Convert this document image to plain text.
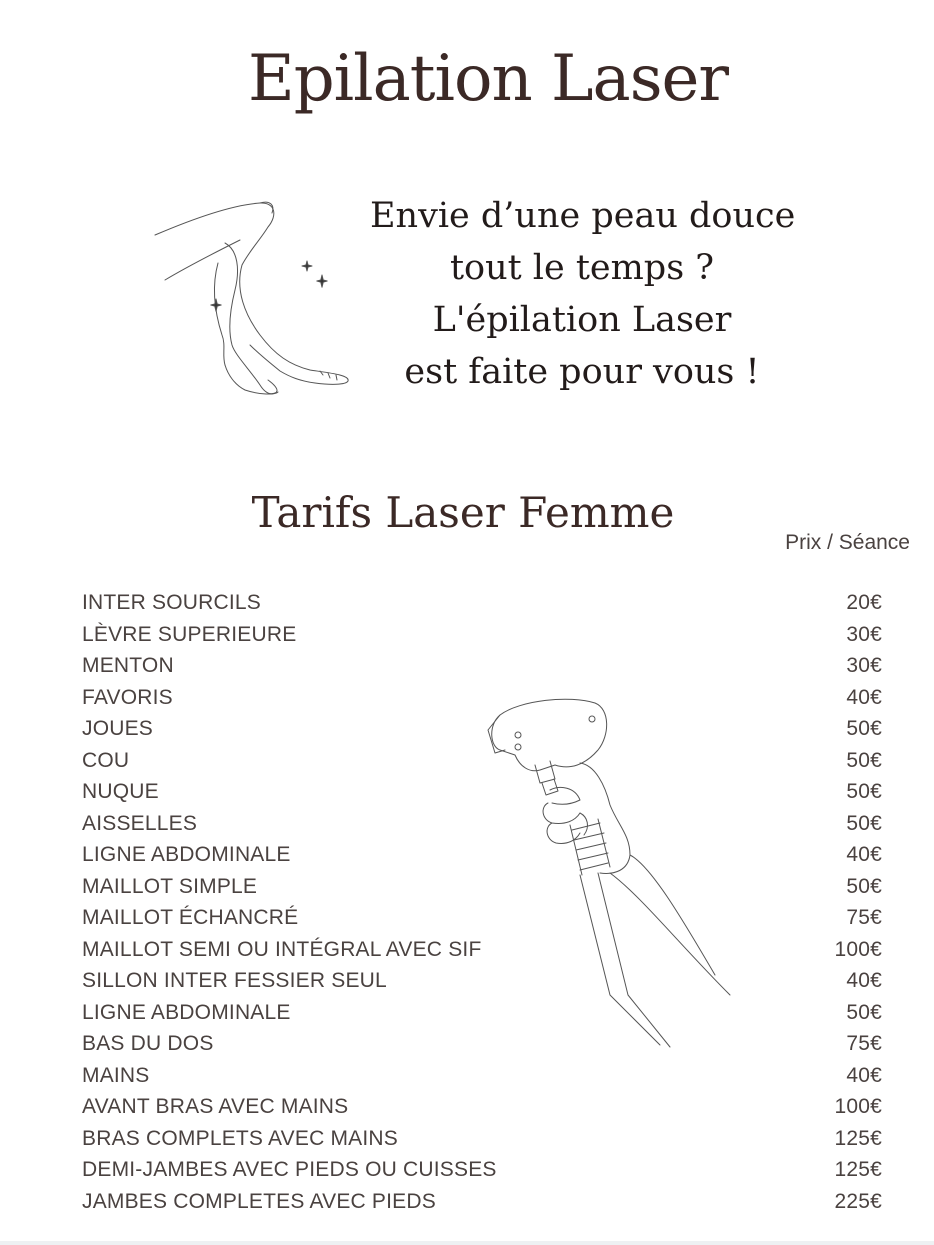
Epilation Laser
Envie d’une peau douce
tout le temps ?
L'épilation Laser
est faite pour vous !
Tarifs Laser Femme
Prix / Séance
INTER SOURCILS	20€
LÈVRE SUPERIEURE	30€
MENTON	30€
FAVORIS	40€
JOUES	50€
COU	50€
NUQUE	50€
AISSELLES	50€
LIGNE ABDOMINALE	40€
MAILLOT SIMPLE	50€
MAILLOT ÉCHANCRÉ	75€
MAILLOT SEMI OU INTÉGRAL AVEC SIF	100€
SILLON INTER FESSIER SEUL	40€
LIGNE ABDOMINALE	50€
BAS DU DOS	75€
MAINS	40€
AVANT BRAS AVEC MAINS	100€
BRAS COMPLETS AVEC MAINS	125€
DEMI-JAMBES AVEC PIEDS OU CUISSES	125€
JAMBES COMPLETES AVEC PIEDS	225€
